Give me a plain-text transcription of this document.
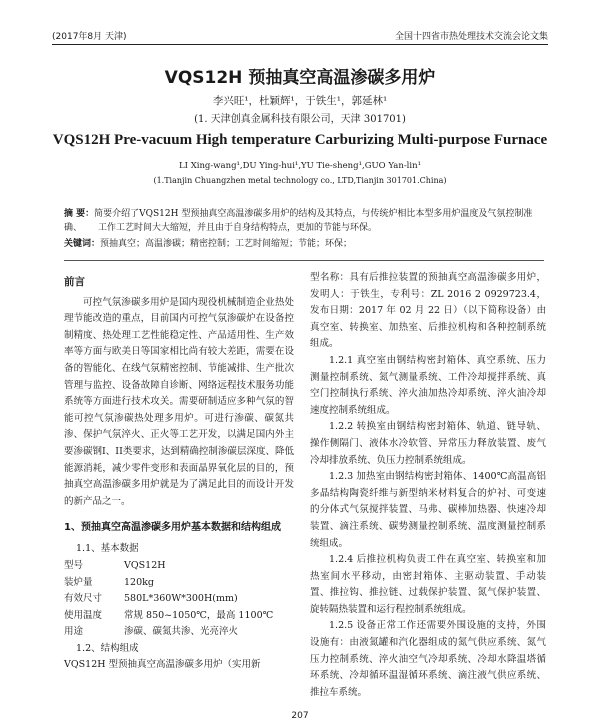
(2017年8月 天津)	全国十四省市热处理技术交流会论文集
VQS12H 预抽真空高温渗碳多用炉
李兴旺¹，杜颖辉¹，于铁生¹，郭延林¹
(1. 天津创真金属科技有限公司，天津 301701)
VQS12H Pre-vacuum High temperature Carburizing Multi-purpose Furnace
LI Xing-wang¹,DU Ying-hui¹,YU Tie-sheng¹,GUO Yan-lin¹
(1.Tianjin Chuangzhen metal technology co., LTD,Tianjin 301701.China)
摘 要：简要介绍了VQS12H 型预抽真空高温渗碳多用炉的结构及其特点，与传统炉相比本型多用炉温度及气氛控制准确、	工作工艺时间大大缩短，并且由于自身结构特点，更加的节能与环保。
关键词：预抽真空；高温渗碳；精密控制；工艺时间缩短；节能；环保；
前言

可控气氛渗碳多用炉是国内现役机械制造企业热处理节能改造的重点，目前国内可控气氛渗碳炉在设备控制精度、热处理工艺性能稳定性、产品适用性、生产效率等方面与欧美日等国家相比尚有较大差距，需要在设备的智能化、在线气氛精密控制、节能减排、生产批次管理与监控、设备故障自诊断、网络远程技术服务功能系统等方面进行技术攻关。需要研制适应多种气氛的智能可控气氛渗碳热处理多用炉。可进行渗碳、碳氮共渗、保护气氛淬火、正火等工艺开发，以满足国内外主要渗碳钢I、II类要求，达到精确控制渗碳层深度、降低能源消耗，减少零件变形和表面晶界氧化层的目的，预抽真空高温渗碳多用炉就是为了满足此目的而设计开发的新产品之一。

1、预抽真空高温渗碳多用炉基本数据和结构组成
1.1、基本数据
型号	VQS12H
装炉量	120kg
有效尺寸	580L*360W*300H(mm)
使用温度	常规 850~1050℃，最高 1100℃
用途	渗碳、碳氮共渗、光亮淬火
1.2、结构组成

VQS12H 型预抽真空高温渗碳多用炉（实用新

型名称：具有后推拉装置的预抽真空高温渗碳多用炉，发明人：于铁生，专利号：ZL 2016 2 0929723.4，发布日期：2017 年 02 月 22 日）（以下简称设备）由真空室、转换室、加热室、后推拉机构和各种控制系统组成。

1.2.1 真空室由钢结构密封箱体、真空系统、压力测量控制系统、氮气测量系统、工件冷却搅拌系统、真空门控制执行系统、淬火油加热冷却系统、淬火油冷却速度控制系统组成。

1.2.2 转换室由钢结构密封箱体、轨道、链导轨、操作侧隔门、液体水冷软管、异常压力释放装置、废气冷却排放系统、负压力控制系统组成。

1.2.3 加热室由钢结构密封箱体、1400℃高温高铝多晶结构陶瓷纤维与新型纳米材料复合的炉衬、可变速的分体式气氛搅拌装置、马弗、碳棒加热器、快速冷却装置、滴注系统、碳势测量控制系统、温度测量控制系统组成。

1.2.4 后推拉机构负责工件在真空室、转换室和加热室间水平移动，由密封箱体、主驱动装置、手动装置、推拉钩、推拉链、过载保护装置、氮气保护装置、旋转隔热装置和运行程控制系统组成。

1.2.5 设备正常工作还需要外围设施的支持，外围设施有：由液氮罐和汽化器组成的氮气供应系统、氮气压力控制系统、淬火油空气冷却系统、冷却水降温塔循环系统、冷却循环温湿循环系统、滴注液气供应系统、推拉车系统。

207
